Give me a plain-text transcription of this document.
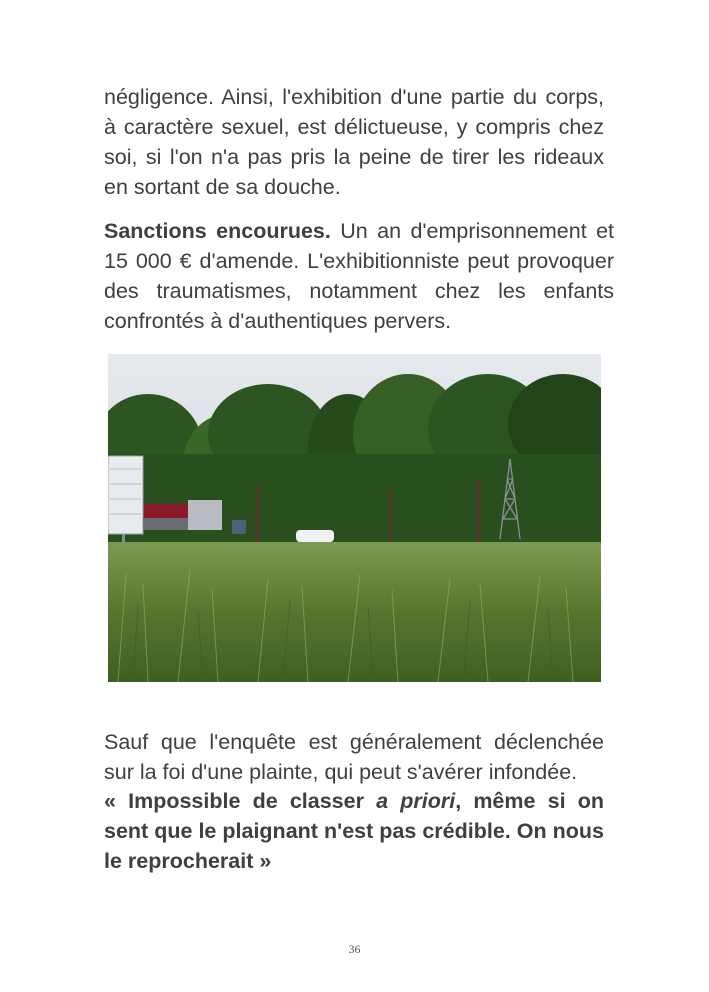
négligence. Ainsi, l'exhibition d'une partie du corps, à caractère sexuel, est délictueuse, y compris chez soi, si l'on n'a pas pris la peine de tirer les rideaux en sortant de sa douche.

Sanctions encourues. Un an d'emprisonnement et 15 000 € d'amende. L'exhibitionniste peut provoquer des traumatismes, notamment chez les enfants confrontés à d'authentiques pervers.

Sauf que l'enquête est généralement déclenchée sur la foi d'une plainte, qui peut s'avérer infondée.

« Impossible de classer a priori, même si on sent que le plaignant n'est pas crédible. On nous le reprocherait »

36
